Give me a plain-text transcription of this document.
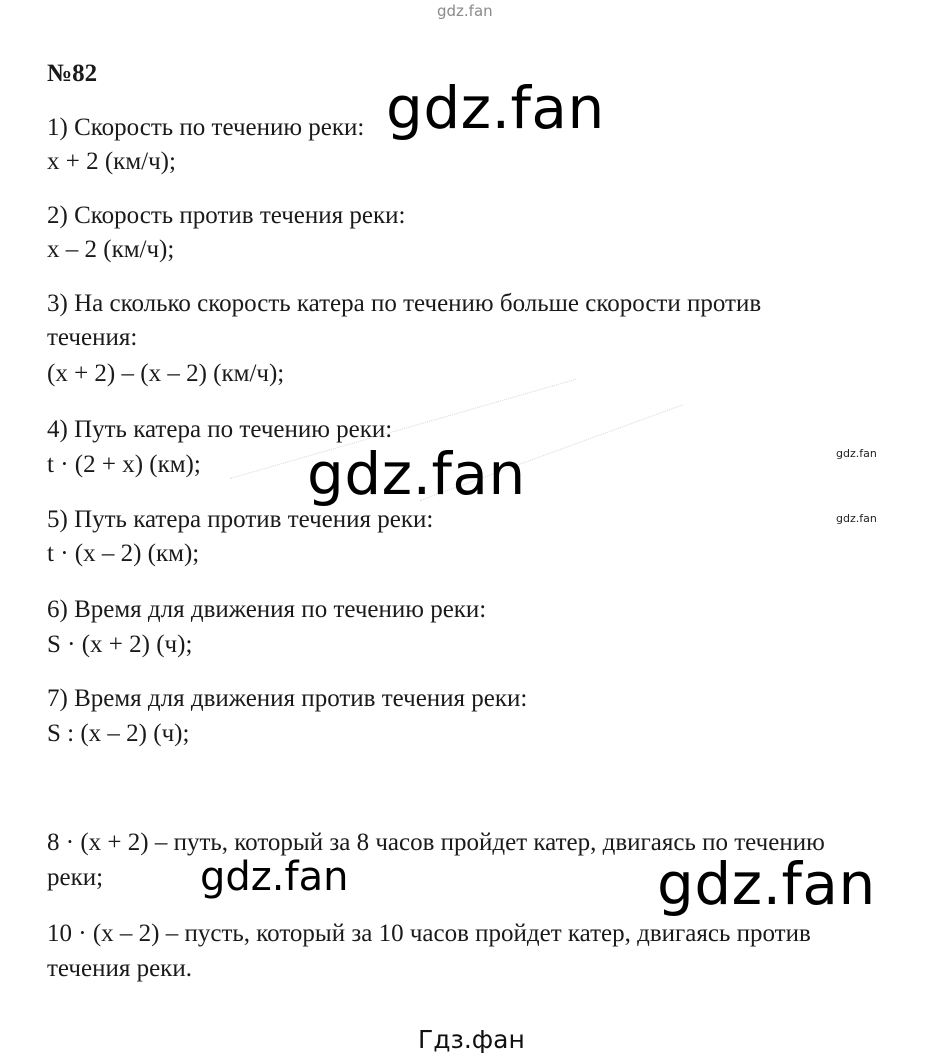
gdz.fan
№82
1) Скорость по течению реки:
x + 2 (км/ч);
2) Скорость против течения реки:
x – 2 (км/ч);
3) На сколько скорость катера по течению больше скорости против
течения:
(x + 2) – (x – 2) (км/ч);
4) Путь катера по течению реки:
t · (2 + x) (км);
5) Путь катера против течения реки:
t · (x – 2) (км);
6) Время для движения по течению реки:
S · (x + 2) (ч);
7) Время для движения против течения реки:
S : (x – 2) (ч);
8 · (x + 2) – путь, который за 8 часов пройдет катер, двигаясь по течению
реки;
10 · (x – 2) – пусть, который за 10 часов пройдет катер, двигаясь против
течения реки.
gdz.fan
gdz.fan	gdz.fan
gdz.fan
gdz.fan	gdz.fan
Гдз.фан
